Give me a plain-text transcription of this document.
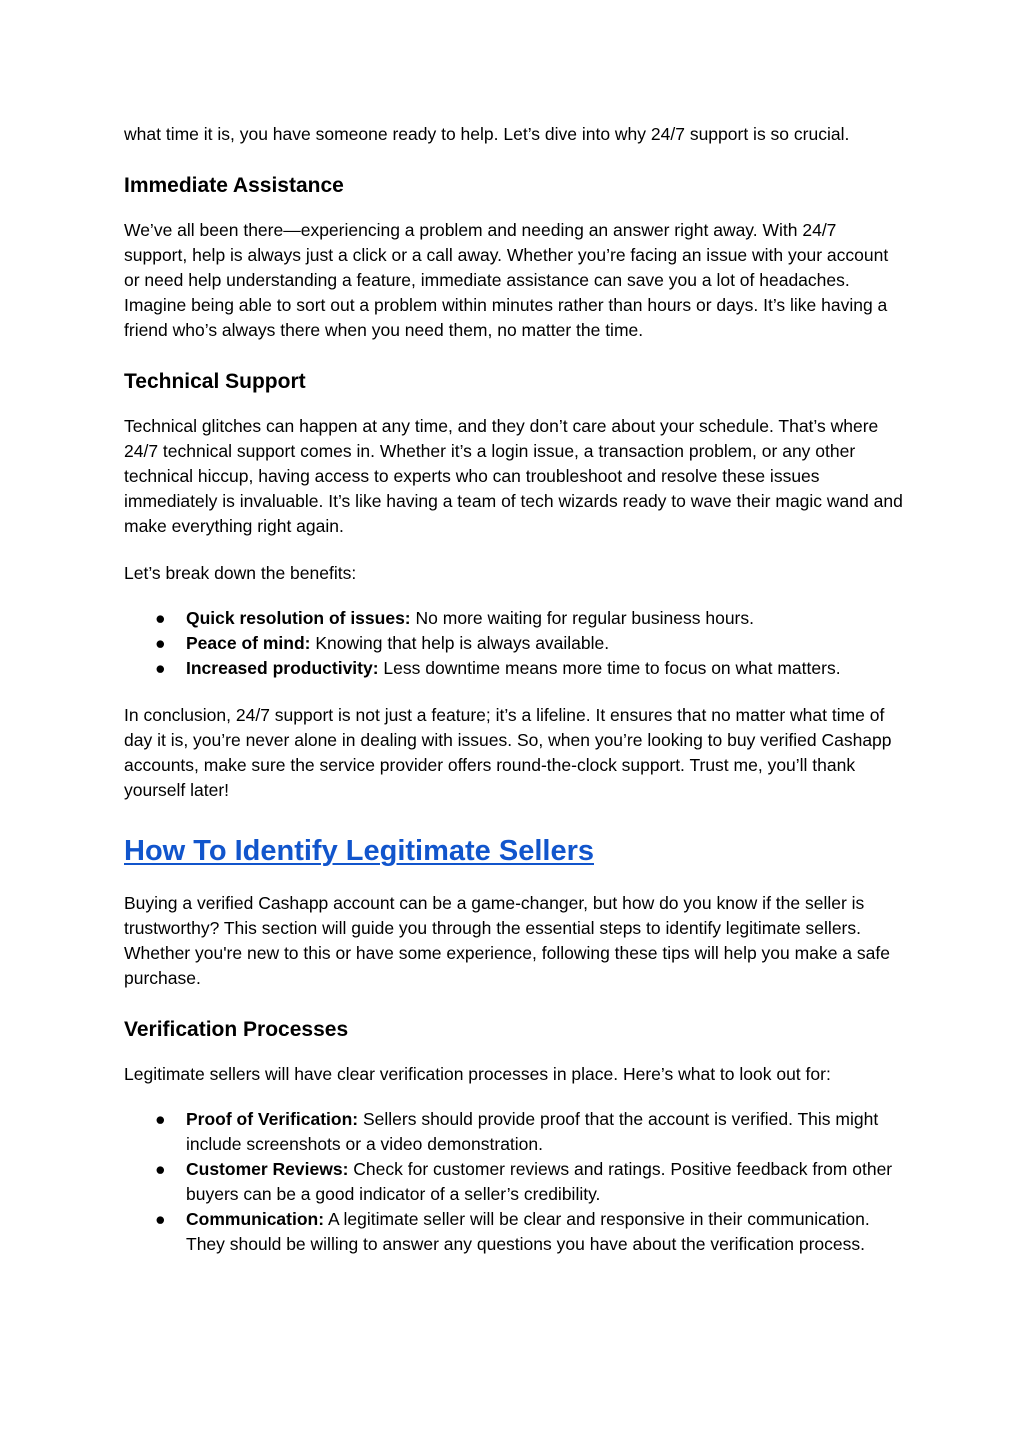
what time it is, you have someone ready to help. Let’s dive into why 24/7 support is so crucial.

Immediate Assistance

We’ve all been there—experiencing a problem and needing an answer right away. With 24/7 support, help is always just a click or a call away. Whether you’re facing an issue with your account or need help understanding a feature, immediate assistance can save you a lot of headaches. Imagine being able to sort out a problem within minutes rather than hours or days. It’s like having a friend who’s always there when you need them, no matter the time.

Technical Support

Technical glitches can happen at any time, and they don’t care about your schedule. That’s where 24/7 technical support comes in. Whether it’s a login issue, a transaction problem, or any other technical hiccup, having access to experts who can troubleshoot and resolve these issues immediately is invaluable. It’s like having a team of tech wizards ready to wave their magic wand and make everything right again.

Let’s break down the benefits:

● Quick resolution of issues: No more waiting for regular business hours.
● Peace of mind: Knowing that help is always available.
● Increased productivity: Less downtime means more time to focus on what matters.

In conclusion, 24/7 support is not just a feature; it’s a lifeline. It ensures that no matter what time of day it is, you’re never alone in dealing with issues. So, when you’re looking to buy verified Cashapp accounts, make sure the service provider offers round-the-clock support. Trust me, you’ll thank yourself later!

How To Identify Legitimate Sellers

Buying a verified Cashapp account can be a game-changer, but how do you know if the seller is trustworthy? This section will guide you through the essential steps to identify legitimate sellers. Whether you're new to this or have some experience, following these tips will help you make a safe purchase.

Verification Processes

Legitimate sellers will have clear verification processes in place. Here’s what to look out for:

● Proof of Verification: Sellers should provide proof that the account is verified. This might include screenshots or a video demonstration.
● Customer Reviews: Check for customer reviews and ratings. Positive feedback from other buyers can be a good indicator of a seller’s credibility.
● Communication: A legitimate seller will be clear and responsive in their communication. They should be willing to answer any questions you have about the verification process.
